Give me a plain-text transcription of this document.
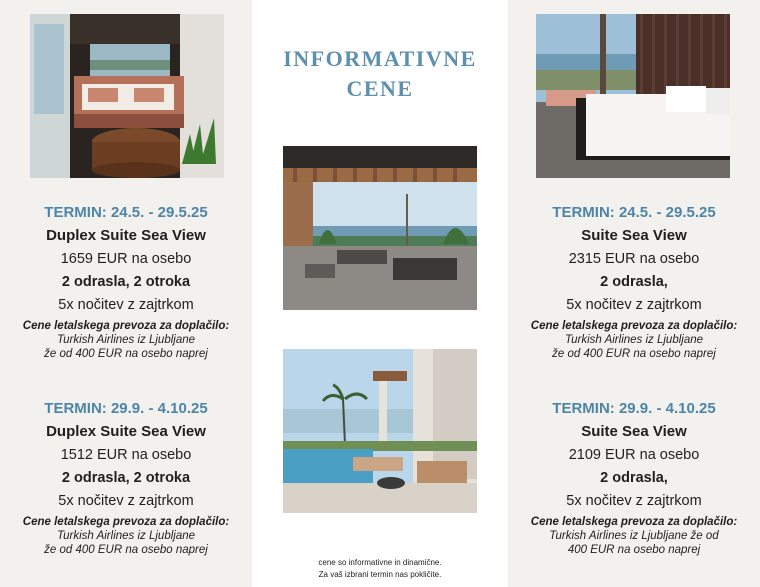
TERMIN: 24.5. - 29.5.25
Duplex Suite Sea View
1659 EUR na osebo
2 odrasla, 2 otroka
5x nočitev z zajtrkom
Cene letalskega prevoza za doplačilo:
Turkish Airlines iz Ljubljane
že od 400 EUR na osebo naprej
TERMIN: 29.9. - 4.10.25
Duplex Suite Sea View
1512 EUR na osebo
2 odrasla, 2 otroka
5x nočitev z zajtrkom
Cene letalskega prevoza za doplačilo:
Turkish Airlines iz Ljubljane
že od 400 EUR na osebo naprej
INFORMATIVNE
CENE
cene so informativne in dinamične.
Za vaš izbrani termin nas pokličite.
TERMIN: 24.5. - 29.5.25
Suite Sea View
2315 EUR na osebo
2 odrasla,
5x nočitev z zajtrkom
Cene letalskega prevoza za doplačilo:
Turkish Airlines iz Ljubljane
že od 400 EUR na osebo naprej
TERMIN: 29.9. - 4.10.25
Suite Sea View
2109 EUR na osebo
2 odrasla,
5x nočitev z zajtrkom
Cene letalskega prevoza za doplačilo:
Turkish Airlines iz Ljubljane že od
400 EUR na osebo naprej
